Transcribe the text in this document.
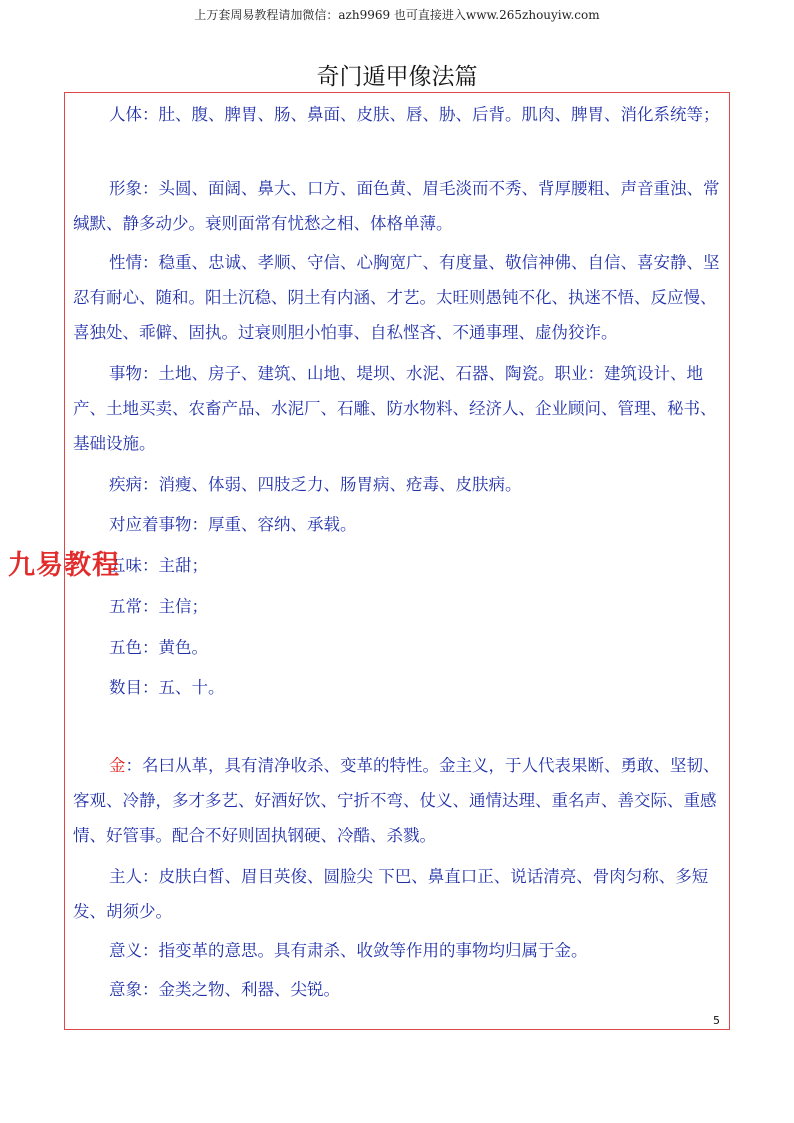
上万套周易教程请加微信：azh9969 也可直接进入www.265zhouyiw.com
奇门遁甲像法篇

人体：肚、腹、脾胃、肠、鼻面、皮肤、唇、胁、后背。肌肉、脾胃、消化系统等；

形象：头圆、面阔、鼻大、口方、面色黄、眉毛淡而不秀、背厚腰粗、声音重浊、常缄默、静多动少。衰则面常有忧愁之相、体格单薄。

性情：稳重、忠诚、孝顺、守信、心胸宽广、有度量、敬信神佛、自信、喜安静、坚忍有耐心、随和。阳土沉稳、阴土有内涵、才艺。太旺则愚钝不化、执迷不悟、反应慢、喜独处、乖僻、固执。过衰则胆小怕事、自私悭吝、不通事理、虚伪狡诈。

事物：土地、房子、建筑、山地、堤坝、水泥、石器、陶瓷。职业：建筑设计、地产、土地买卖、农畜产品、水泥厂、石雕、防水物料、经济人、企业顾问、管理、秘书、基础设施。

疾病：消瘦、体弱、四肢乏力、肠胃病、疮毒、皮肤病。

对应着事物：厚重、容纳、承载。

五味：主甜；

五常：主信；

五色：黄色。

数目：五、十。

金：名曰从革，具有清净收杀、变革的特性。金主义，于人代表果断、勇敢、坚韧、客观、冷静，多才多艺、好酒好饮、宁折不弯、仗义、通情达理、重名声、善交际、重感情、好管事。配合不好则固执钢硬、冷酷、杀戮。

主人：皮肤白皙、眉目英俊、圆脸尖 下巴、鼻直口正、说话清亮、骨肉匀称、多短发、胡须少。

意义：指变革的意思。具有肃杀、收敛等作用的事物均归属于金。

意象：金类之物、利器、尖锐。

5
九易教程
